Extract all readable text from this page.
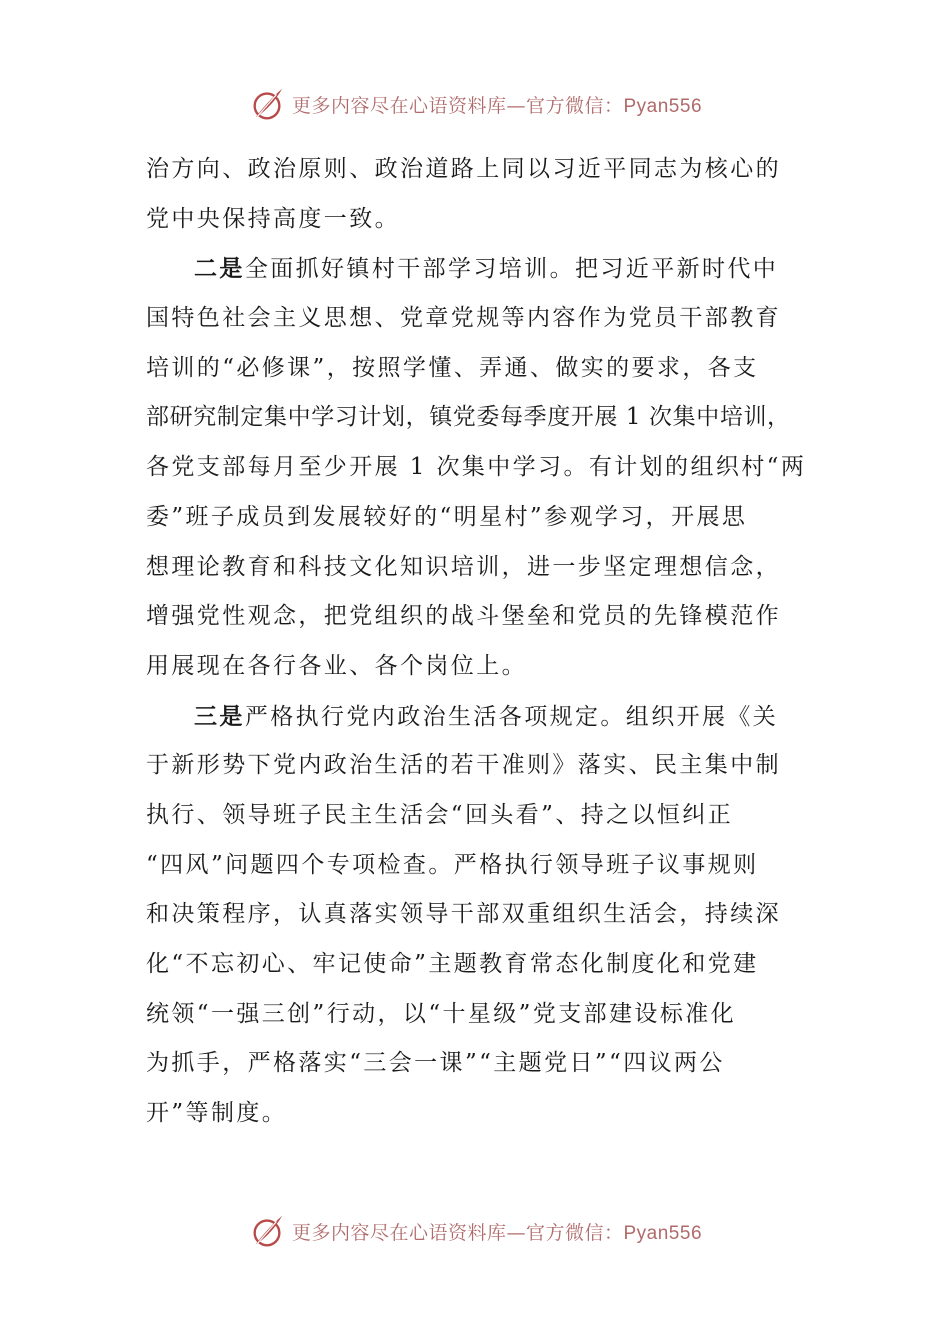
更多内容尽在心语资料库—官方微信：Pyan556
治方向、政治原则、政治道路上同以习近平同志为核心的
党中央保持高度一致。
二是全面抓好镇村干部学习培训。把习近平新时代中
国特色社会主义思想、党章党规等内容作为党员干部教育
培训的“必修课”，按照学懂、弄通、做实的要求，各支
部研究制定集中学习计划，镇党委每季度开展 1 次集中培训，
各党支部每月至少开展 1 次集中学习。有计划的组织村“两
委”班子成员到发展较好的“明星村”参观学习，开展思
想理论教育和科技文化知识培训，进一步坚定理想信念，
增强党性观念，把党组织的战斗堡垒和党员的先锋模范作
用展现在各行各业、各个岗位上。
三是严格执行党内政治生活各项规定。组织开展《关
于新形势下党内政治生活的若干准则》落实、民主集中制
执行、领导班子民主生活会“回头看”、持之以恒纠正
“四风”问题四个专项检查。严格执行领导班子议事规则
和决策程序，认真落实领导干部双重组织生活会，持续深
化“不忘初心、牢记使命”主题教育常态化制度化和党建
统领“一强三创”行动，以“十星级”党支部建设标准化
为抓手，严格落实“三会一课”“主题党日”“四议两公
开”等制度。
更多内容尽在心语资料库—官方微信：Pyan556
